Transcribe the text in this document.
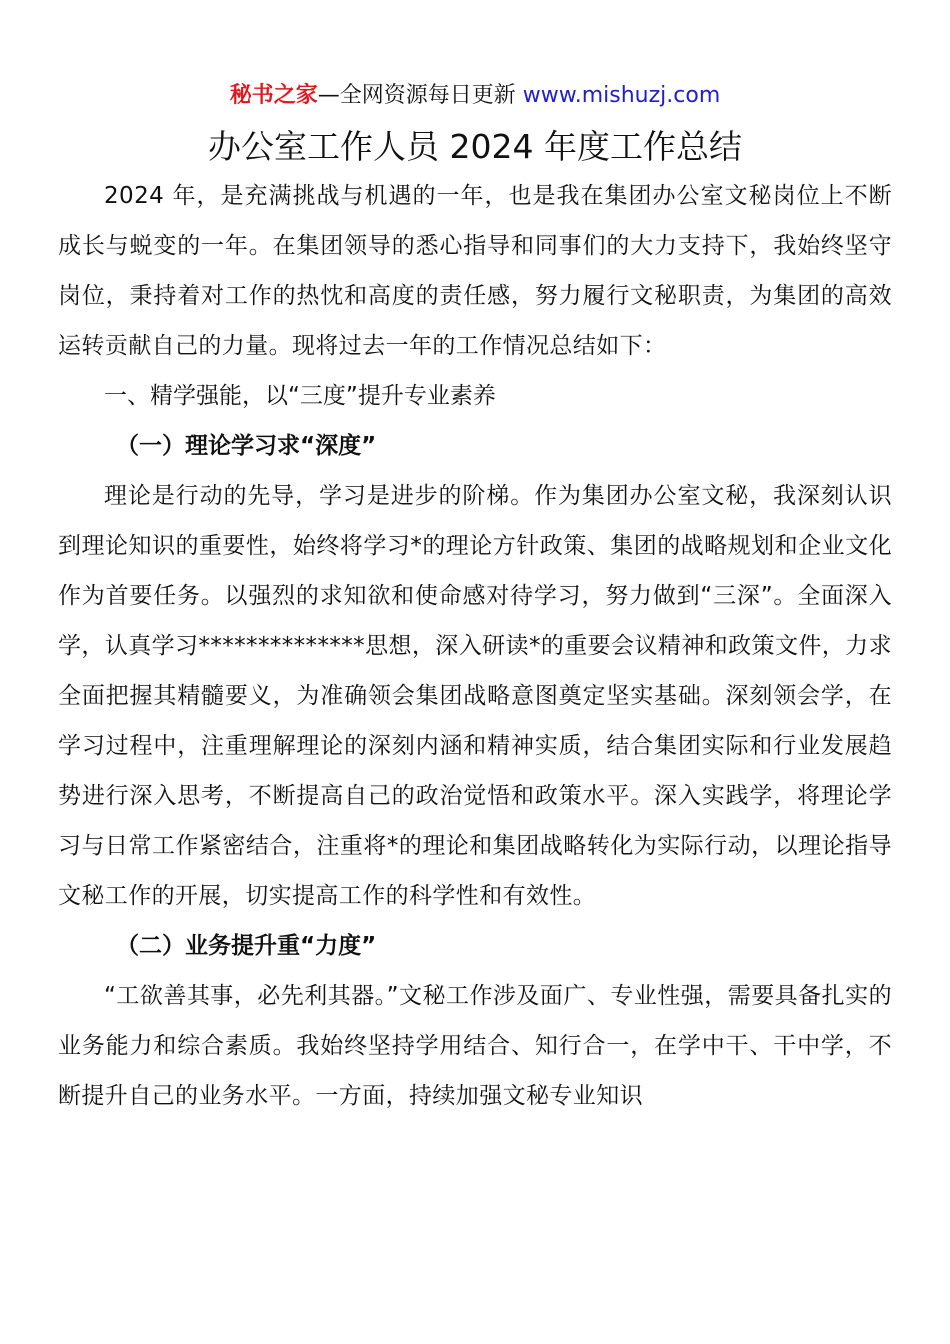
秘书之家—全网资源每日更新 www.mishuzj.com
办公室工作人员 2024 年度工作总结

2024 年，是充满挑战与机遇的一年，也是我在集团办公室文秘岗位上不断成长与蜕变的一年。在集团领导的悉心指导和同事们的大力支持下，我始终坚守岗位，秉持着对工作的热忱和高度的责任感，努力履行文秘职责，为集团的高效运转贡献自己的力量。现将过去一年的工作情况总结如下：

一、精学强能，以“三度”提升专业素养

（一）理论学习求“深度”

理论是行动的先导，学习是进步的阶梯。作为集团办公室文秘，我深刻认识到理论知识的重要性，始终将学习*的理论方针政策、集团的战略规划和企业文化作为首要任务。以强烈的求知欲和使命感对待学习，努力做到“三深”。全面深入学，认真学习**************思想，深入研读*的重要会议精神和政策文件，力求全面把握其精髓要义，为准确领会集团战略意图奠定坚实基础。深刻领会学，在学习过程中，注重理解理论的深刻内涵和精神实质，结合集团实际和行业发展趋势进行深入思考，不断提高自己的政治觉悟和政策水平。深入实践学，将理论学习与日常工作紧密结合，注重将*的理论和集团战略转化为实际行动，以理论指导文秘工作的开展，切实提高工作的科学性和有效性。

（二）业务提升重“力度”

“工欲善其事，必先利其器。”文秘工作涉及面广、专业性强，需要具备扎实的业务能力和综合素质。我始终坚持学用结合、知行合一，在学中干、干中学，不断提升自己的业务水平。一方面，持续加强文秘专业知识
